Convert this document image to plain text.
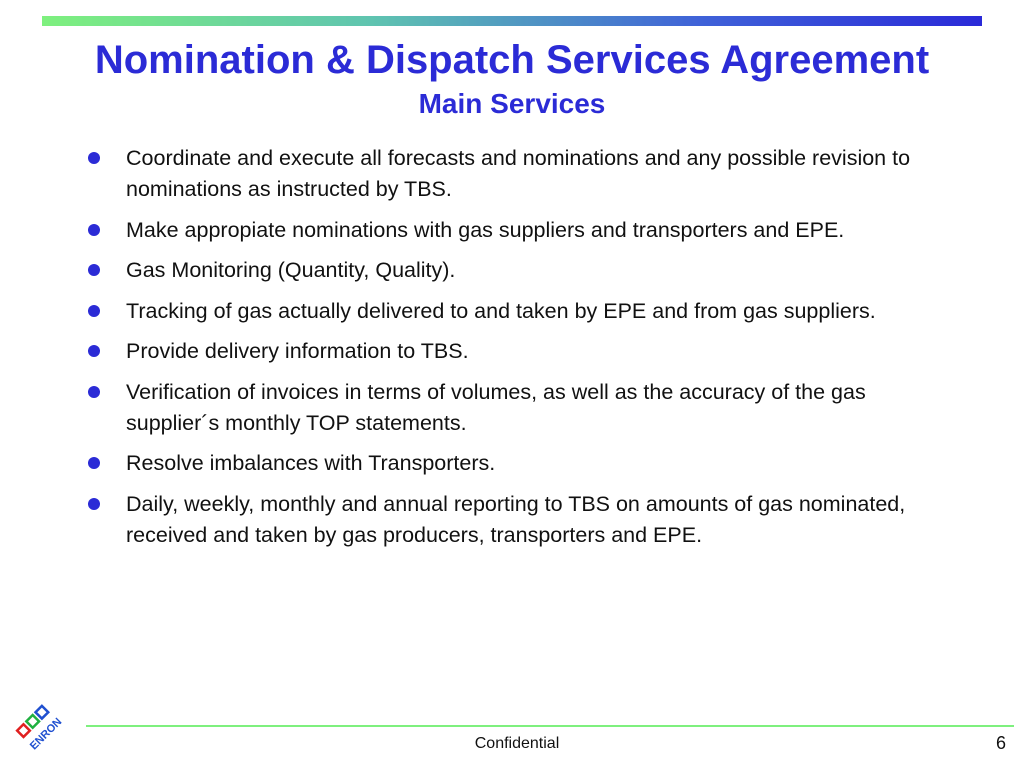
Nomination & Dispatch Services Agreement
Main Services
Coordinate and execute all forecasts and nominations and any possible revision to nominations as instructed by TBS.
Make appropiate nominations with gas suppliers and transporters and EPE.
Gas Monitoring (Quantity, Quality).
Tracking of gas actually delivered to and taken by EPE and from gas suppliers.
Provide delivery information to TBS.
Verification of invoices in terms of volumes, as well as the accuracy of the gas supplier´s monthly TOP statements.
Resolve imbalances with Transporters.
Daily, weekly, monthly and annual reporting to TBS on amounts of gas nominated, received and taken by gas producers, transporters and EPE.
ENRON	Confidential	6
